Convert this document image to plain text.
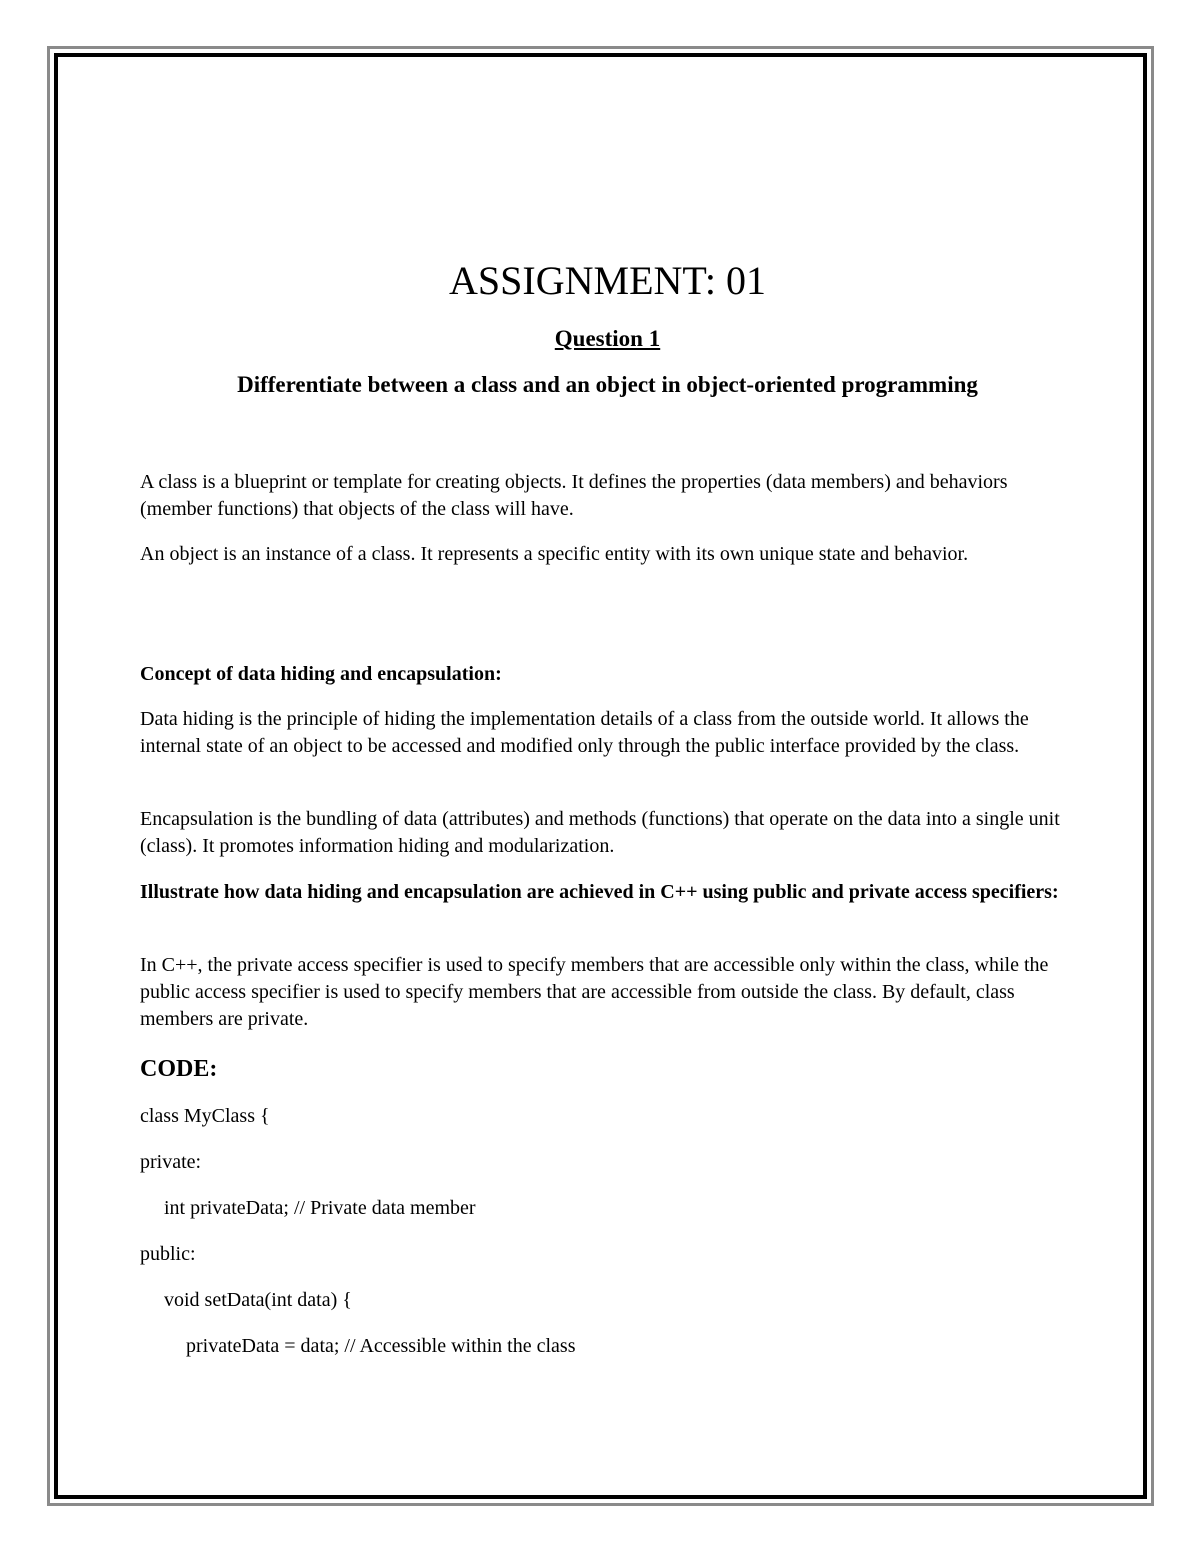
ASSIGNMENT: 01
Question 1
Differentiate between a class and an object in object-oriented programming

A class is a blueprint or template for creating objects. It defines the properties (data members) and behaviors (member functions) that objects of the class will have.

An object is an instance of a class. It represents a specific entity with its own unique state and behavior.

Concept of data hiding and encapsulation:

Data hiding is the principle of hiding the implementation details of a class from the outside world. It allows the internal state of an object to be accessed and modified only through the public interface provided by the class.

Encapsulation is the bundling of data (attributes) and methods (functions) that operate on the data into a single unit (class). It promotes information hiding and modularization.

Illustrate how data hiding and encapsulation are achieved in C++ using public and private access specifiers:

In C++, the private access specifier is used to specify members that are accessible only within the class, while the public access specifier is used to specify members that are accessible from outside the class. By default, class members are private.

CODE:
class MyClass {
private:
int privateData; // Private data member
public:
void setData(int data) {
privateData = data; // Accessible within the class
